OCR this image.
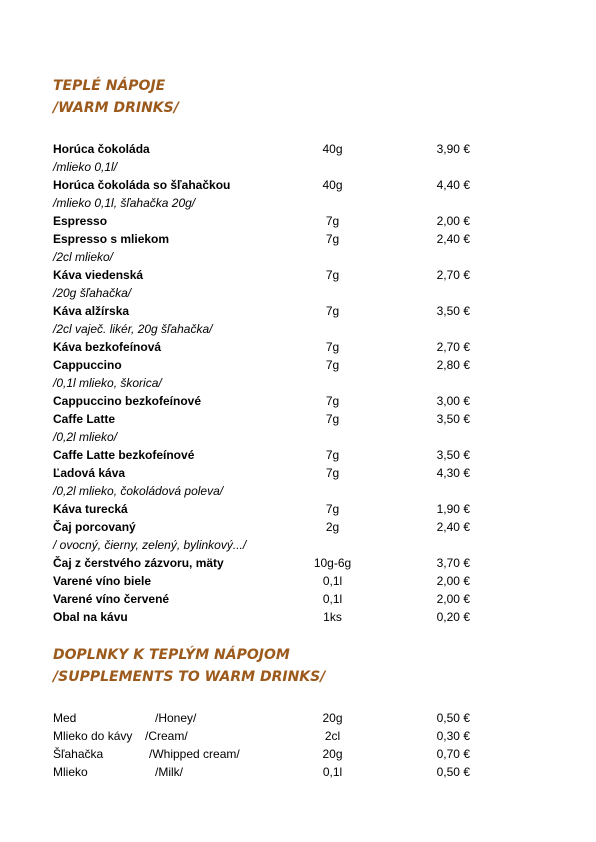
TEPLÉ NÁPOJE
/WARM DRINKS/
Horúca čokoláda	40g	3,90 €
/mlieko 0,1l/
Horúca čokoláda so šľahačkou	40g	4,40 €
/mlieko 0,1l, šľahačka 20g/
Espresso	7g	2,00 €
Espresso s mliekom	7g	2,40 €
/2cl mlieko/
Káva viedenská	7g	2,70 €
/20g šľahačka/
Káva alžírska	7g	3,50 €
/2cl vaječ. likér, 20g šľahačka/
Káva bezkofeínová	7g	2,70 €
Cappuccino	7g	2,80 €
/0,1l mlieko, škorica/
Cappuccino bezkofeínové	7g	3,00 €
Caffe Latte	7g	3,50 €
/0,2l mlieko/
Caffe Latte bezkofeínové	7g	3,50 €
Ľadová káva	7g	4,30 €
/0,2l mlieko, čokoládová poleva/
Káva turecká	7g	1,90 €
Čaj porcovaný	2g	2,40 €
/ ovocný, čierny, zelený, bylinkový.../
Čaj z čerstvého zázvoru, mäty	10g-6g	3,70 €
Varené víno biele	0,1l	2,00 €
Varené víno červené	0,1l	2,00 €
Obal na kávu	1ks	0,20 €
DOPLNKY K TEPLÝM NÁPOJOM
/SUPPLEMENTS TO WARM DRINKS/
Med	/Honey/	20g	0,50 €
Mlieko do kávy /Cream/	2cl	0,30 €
Šľahačka	/Whipped cream/	20g	0,70 €
Mlieko	/Milk/	0,1l	0,50 €
